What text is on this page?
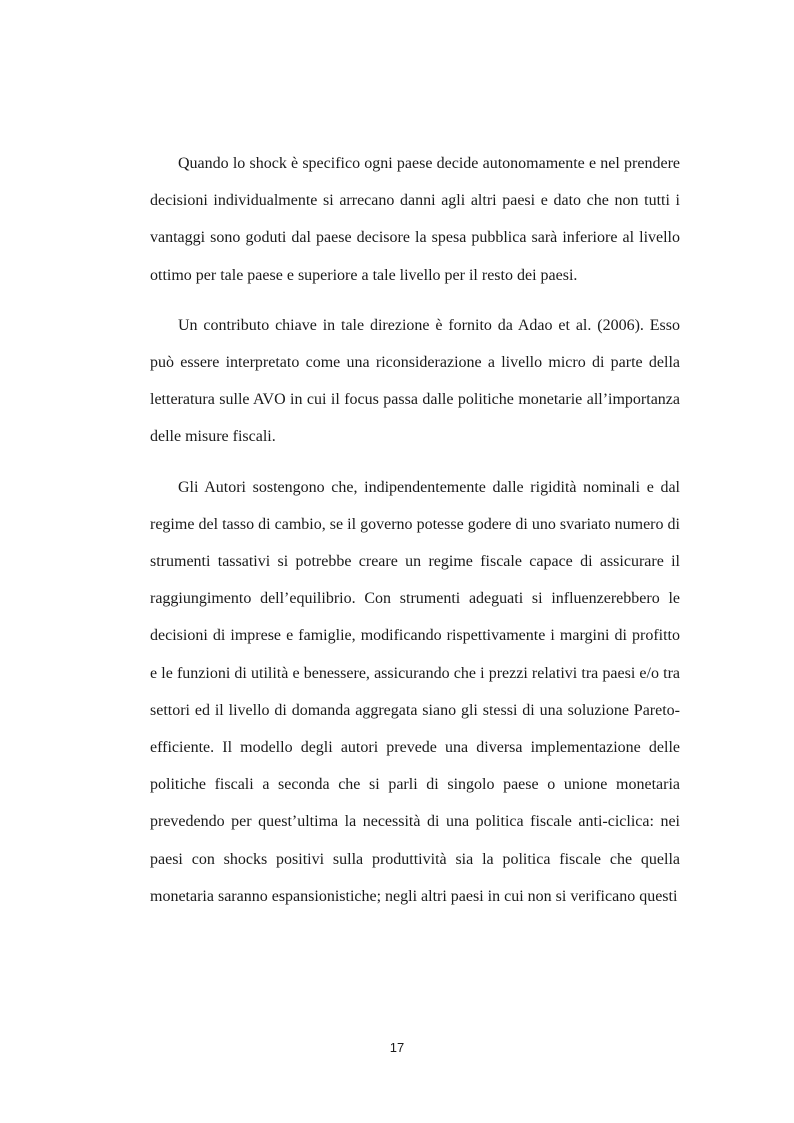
Quando lo shock è specifico ogni paese decide autonomamente e nel prendere decisioni individualmente si arrecano danni agli altri paesi e dato che non tutti i vantaggi sono goduti dal paese decisore la spesa pubblica sarà inferiore al livello ottimo per tale paese e superiore a tale livello per il resto dei paesi.

Un contributo chiave in tale direzione è fornito da Adao et al. (2006). Esso può essere interpretato come una riconsiderazione a livello micro di parte della letteratura sulle AVO in cui il focus passa dalle politiche monetarie all’importanza delle misure fiscali.

Gli Autori sostengono che, indipendentemente dalle rigidità nominali e dal regime del tasso di cambio, se il governo potesse godere di uno svariato numero di strumenti tassativi si potrebbe creare un regime fiscale capace di assicurare il raggiungimento dell’equilibrio. Con strumenti adeguati si influenzerebbero le decisioni di imprese e famiglie, modificando rispettivamente i margini di profitto e le funzioni di utilità e benessere, assicurando che i prezzi relativi tra paesi e/o tra settori ed il livello di domanda aggregata siano gli stessi di una soluzione Pareto-efficiente. Il modello degli autori prevede una diversa implementazione delle politiche fiscali a seconda che si parli di singolo paese o unione monetaria prevedendo per quest’ultima la necessità di una politica fiscale anti-ciclica: nei paesi con shocks positivi sulla produttività sia la politica fiscale che quella monetaria saranno espansionistiche; negli altri paesi in cui non si verificano questi

17
